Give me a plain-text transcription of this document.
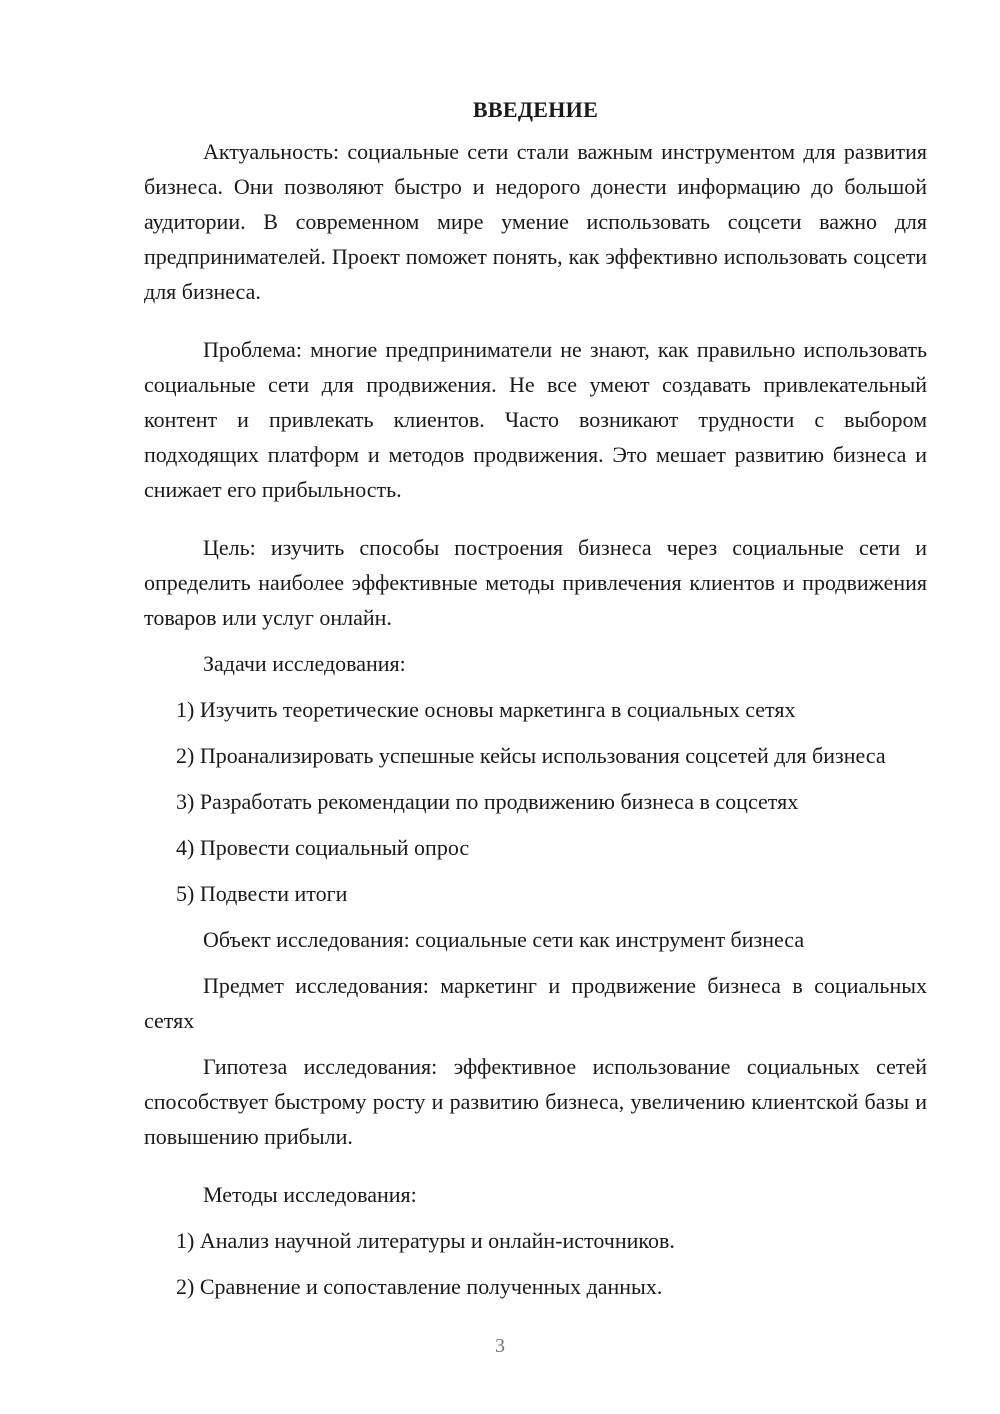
ВВЕДЕНИЕ

Актуальность: социальные сети стали важным инструментом для развития бизнеса. Они позволяют быстро и недорого донести информацию до большой аудитории. В современном мире умение использовать соцсети важно для предпринимателей. Проект поможет понять, как эффективно использовать соцсети для бизнеса.

Проблема: многие предприниматели не знают, как правильно использовать социальные сети для продвижения. Не все умеют создавать привлекательный контент и привлекать клиентов. Часто возникают трудности с выбором подходящих платформ и методов продвижения. Это мешает развитию бизнеса и снижает его прибыльность.

Цель: изучить способы построения бизнеса через социальные сети и определить наиболее эффективные методы привлечения клиентов и продвижения товаров или услуг онлайн.

Задачи исследования:

1) Изучить теоретические основы маркетинга в социальных сетях

2) Проанализировать успешные кейсы использования соцсетей для бизнеса

3) Разработать рекомендации по продвижению бизнеса в соцсетях

4) Провести социальный опрос

5) Подвести итоги

Объект исследования: социальные сети как инструмент бизнеса

Предмет исследования: маркетинг и продвижение бизнеса в социальных сетях

Гипотеза исследования: эффективное использование социальных сетей способствует быстрому росту и развитию бизнеса, увеличению клиентской базы и повышению прибыли.

Методы исследования:

1) Анализ научной литературы и онлайн-источников.

2) Сравнение и сопоставление полученных данных.

3
